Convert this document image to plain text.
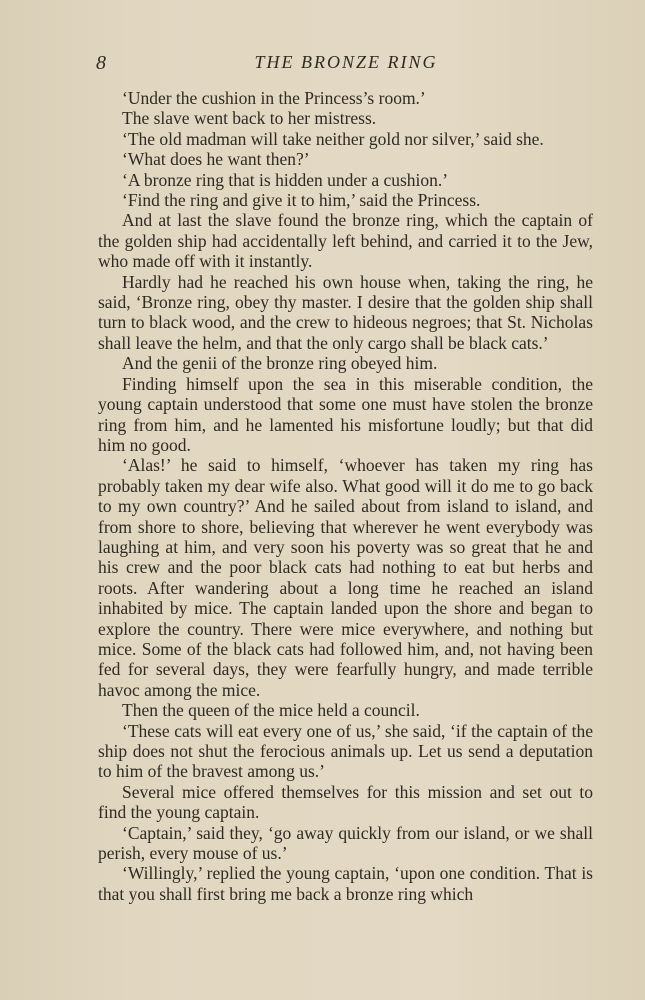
8	THE BRONZE RING

‘Under the cushion in the Princess’s room.’

The slave went back to her mistress.

‘The old madman will take neither gold nor silver,’ said she.

‘What does he want then?’

‘A bronze ring that is hidden under a cushion.’

‘Find the ring and give it to him,’ said the Princess.

And at last the slave found the bronze ring, which the captain of the golden ship had accidentally left behind, and carried it to the Jew, who made off with it instantly.

Hardly had he reached his own house when, taking the ring, he said, ‘Bronze ring, obey thy master. I desire that the golden ship shall turn to black wood, and the crew to hideous negroes; that St. Nicholas shall leave the helm, and that the only cargo shall be black cats.’

And the genii of the bronze ring obeyed him.

Finding himself upon the sea in this miserable condition, the young captain understood that some one must have stolen the bronze ring from him, and he lamented his misfortune loudly; but that did him no good.

‘Alas!’ he said to himself, ‘whoever has taken my ring has probably taken my dear wife also. What good will it do me to go back to my own country?’ And he sailed about from island to island, and from shore to shore, believing that wherever he went everybody was laughing at him, and very soon his poverty was so great that he and his crew and the poor black cats had nothing to eat but herbs and roots. After wandering about a long time he reached an island inhabited by mice. The captain landed upon the shore and began to explore the country. There were mice everywhere, and nothing but mice. Some of the black cats had followed him, and, not having been fed for several days, they were fearfully hungry, and made terrible havoc among the mice.

Then the queen of the mice held a council.

‘These cats will eat every one of us,’ she said, ‘if the captain of the ship does not shut the ferocious animals up. Let us send a deputation to him of the bravest among us.’

Several mice offered themselves for this mission and set out to find the young captain.

‘Captain,’ said they, ‘go away quickly from our island, or we shall perish, every mouse of us.’

‘Willingly,’ replied the young captain, ‘upon one condition. That is that you shall first bring me back a bronze ring which
